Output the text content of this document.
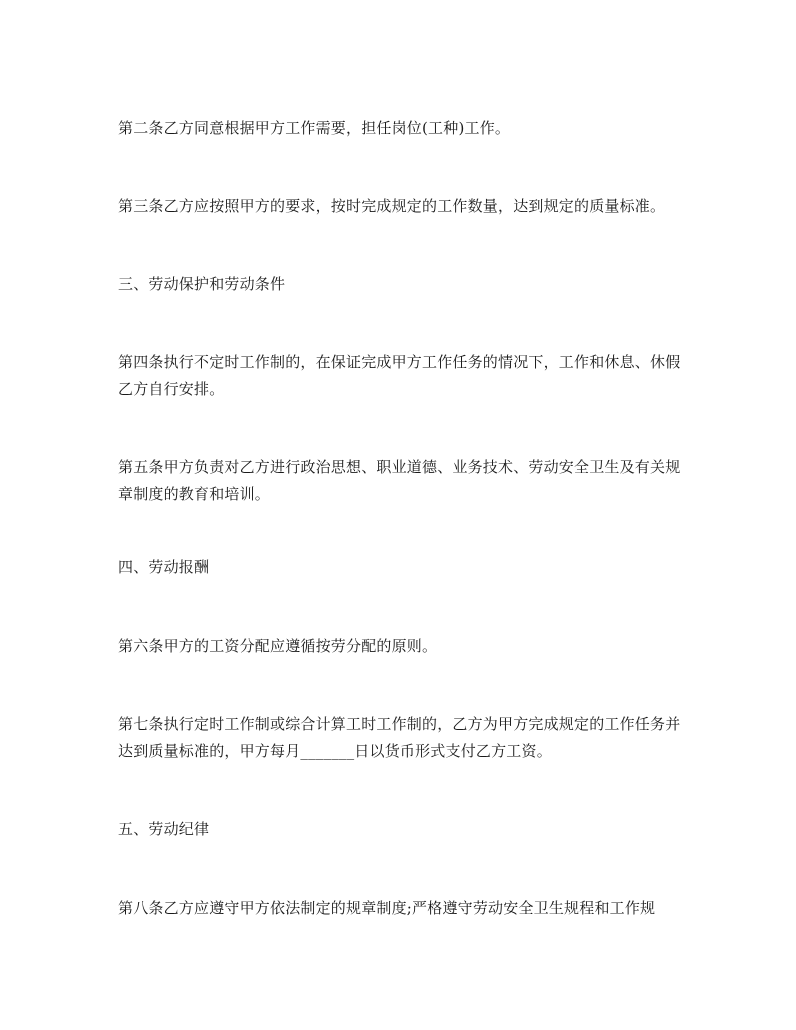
第二条乙方同意根据甲方工作需要，担任岗位(工种)工作。

第三条乙方应按照甲方的要求，按时完成规定的工作数量，达到规定的质量标准。

三、劳动保护和劳动条件

第四条执行不定时工作制的，在保证完成甲方工作任务的情况下，工作和休息、休假乙方自行安排。

第五条甲方负责对乙方进行政治思想、职业道德、业务技术、劳动安全卫生及有关规章制度的教育和培训。

四、劳动报酬

第六条甲方的工资分配应遵循按劳分配的原则。

第七条执行定时工作制或综合计算工时工作制的，乙方为甲方完成规定的工作任务并达到质量标准的，甲方每月_______日以货币形式支付乙方工资。

五、劳动纪律

第八条乙方应遵守甲方依法制定的规章制度;严格遵守劳动安全卫生规程和工作规
